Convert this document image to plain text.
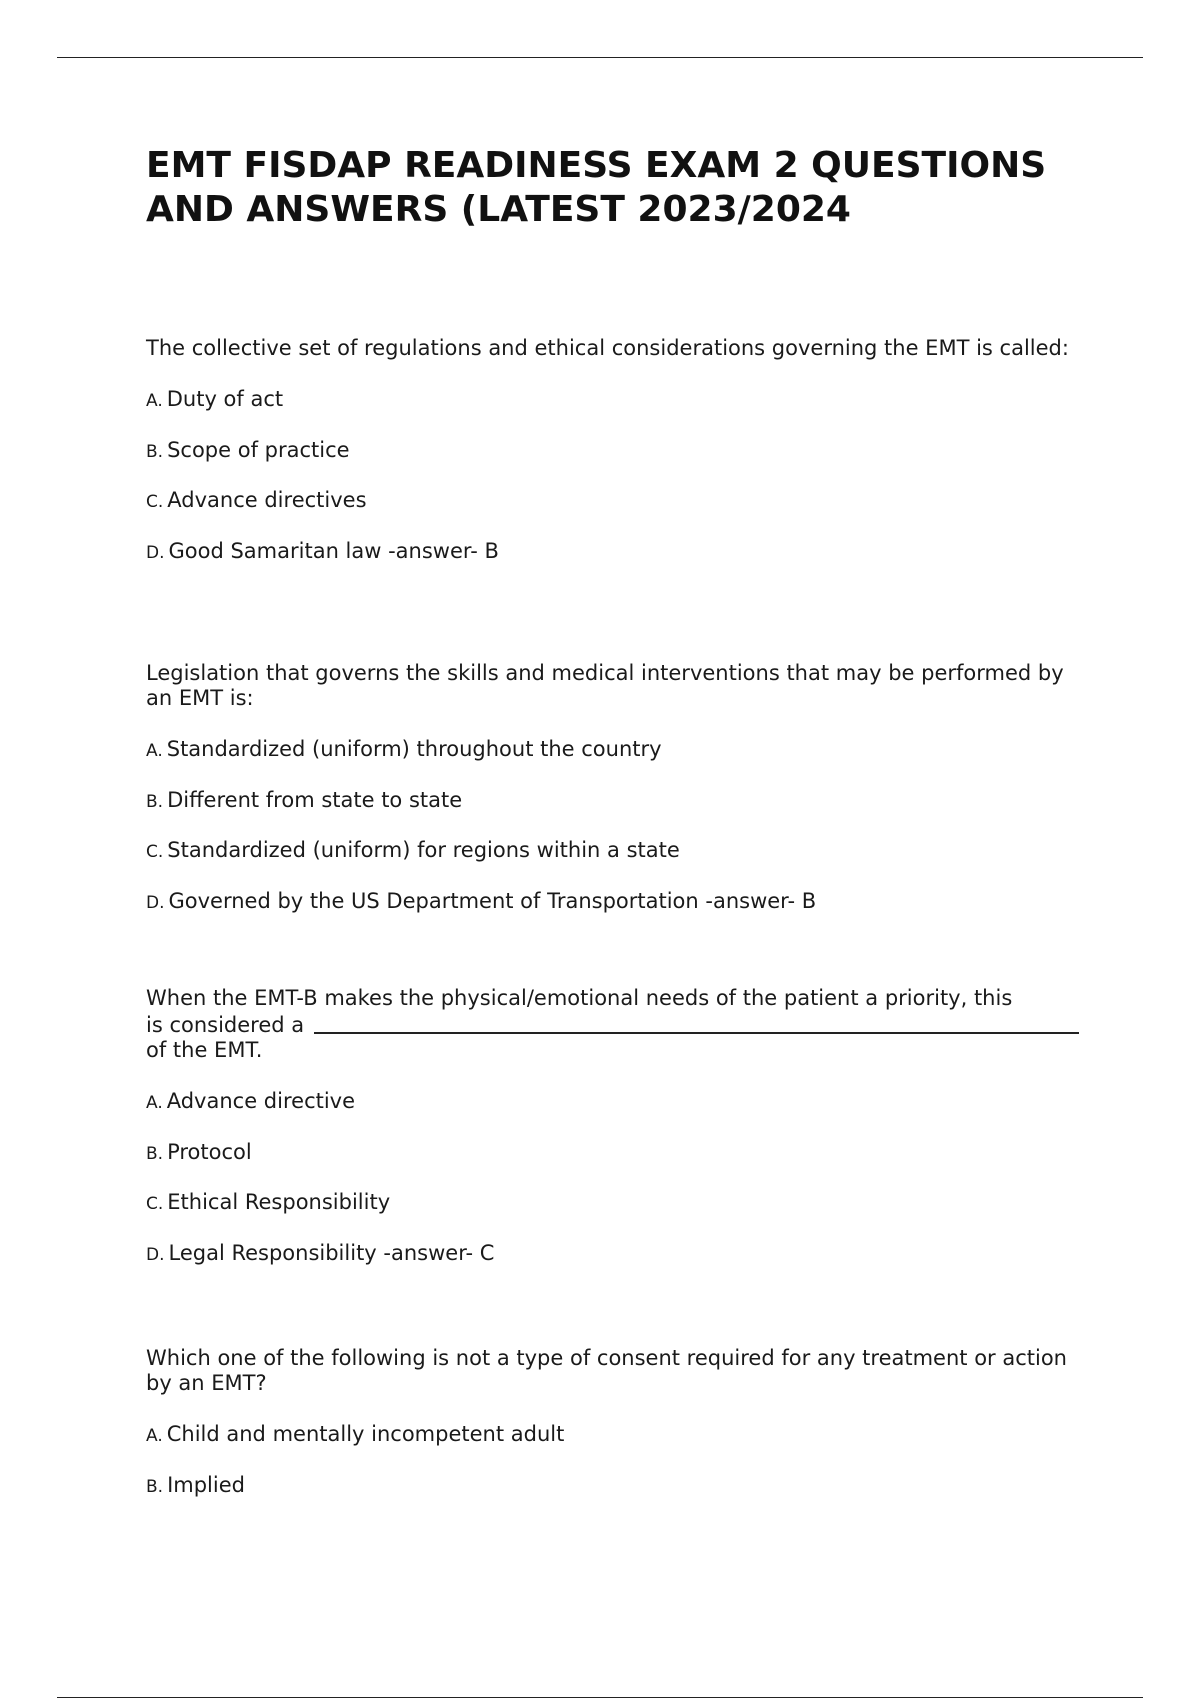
EMT FISDAP READINESS EXAM 2 QUESTIONS AND ANSWERS (LATEST 2023/2024

The collective set of regulations and ethical considerations governing the EMT is called:

A. Duty of act
B. Scope of practice
C. Advance directives
D. Good Samaritan law -answer- B

Legislation that governs the skills and medical interventions that may be performed by an EMT is:

A. Standardized (uniform) throughout the country
B. Different from state to state
C. Standardized (uniform) for regions within a state
D. Governed by the US Department of Transportation -answer- B

When the EMT-B makes the physical/emotional needs of the patient a priority, this

is considered a

of the EMT.

A. Advance directive
B. Protocol
C. Ethical Responsibility
D. Legal Responsibility -answer- C

Which one of the following is not a type of consent required for any treatment or action by an EMT?

A. Child and mentally incompetent adult
B. Implied
